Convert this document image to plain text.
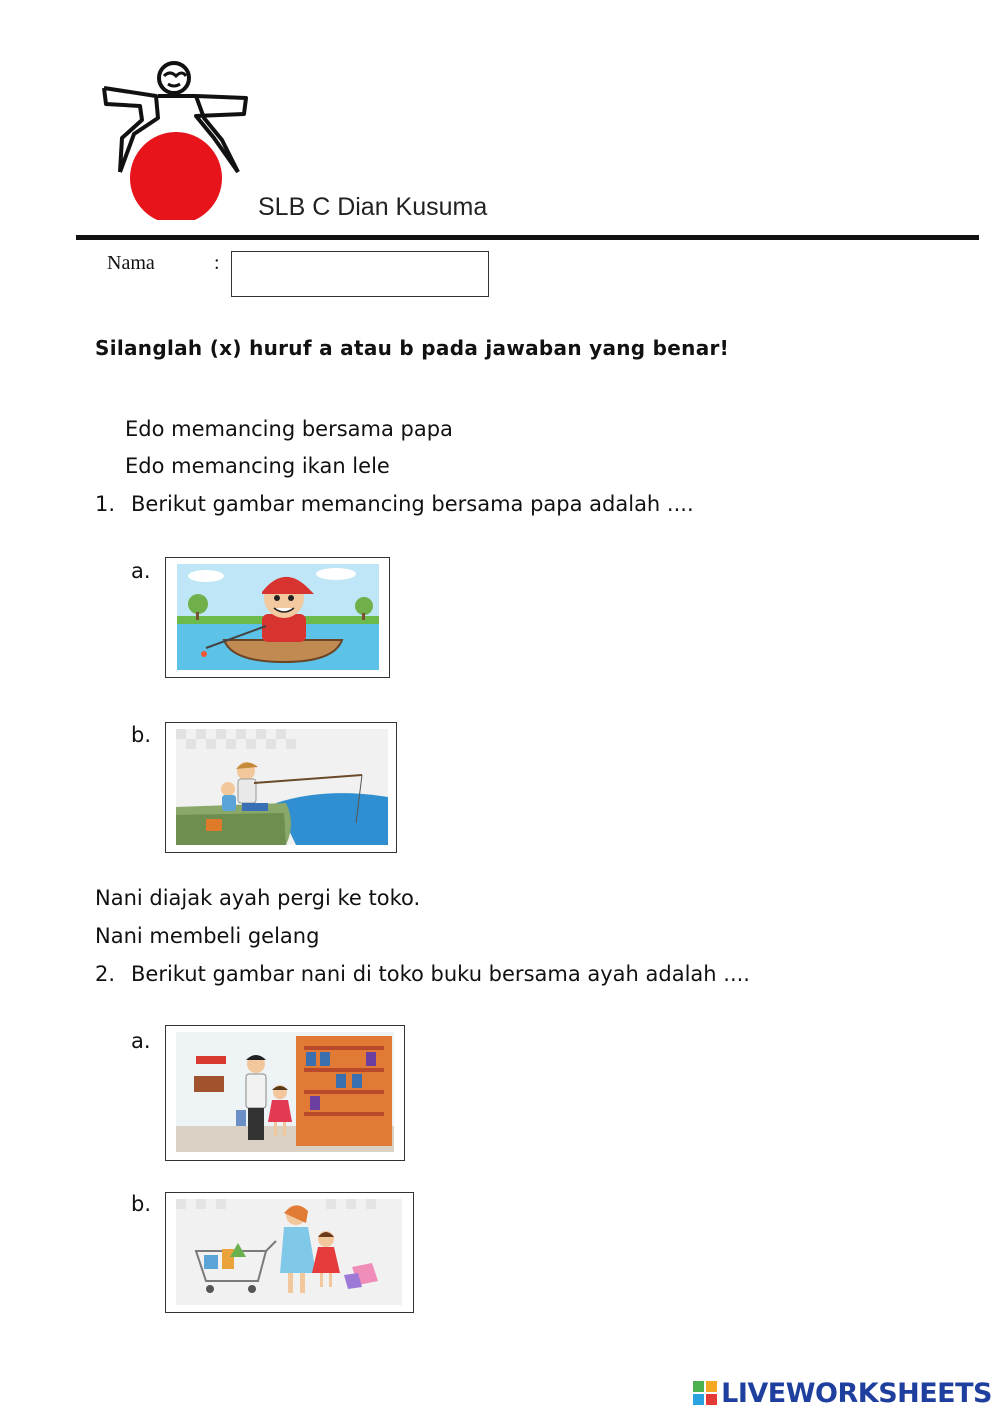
SLB C Dian Kusuma
Nama	:
Silanglah (x) huruf a atau b pada jawaban yang benar!
Edo memancing bersama papa
Edo memancing ikan lele
1. Berikut gambar memancing bersama papa adalah ....
a.
b.
Nani diajak ayah pergi ke toko.
Nani membeli gelang
2. Berikut gambar nani di toko buku bersama ayah adalah ....
a.
b.
LIVEWORKSHEETS
